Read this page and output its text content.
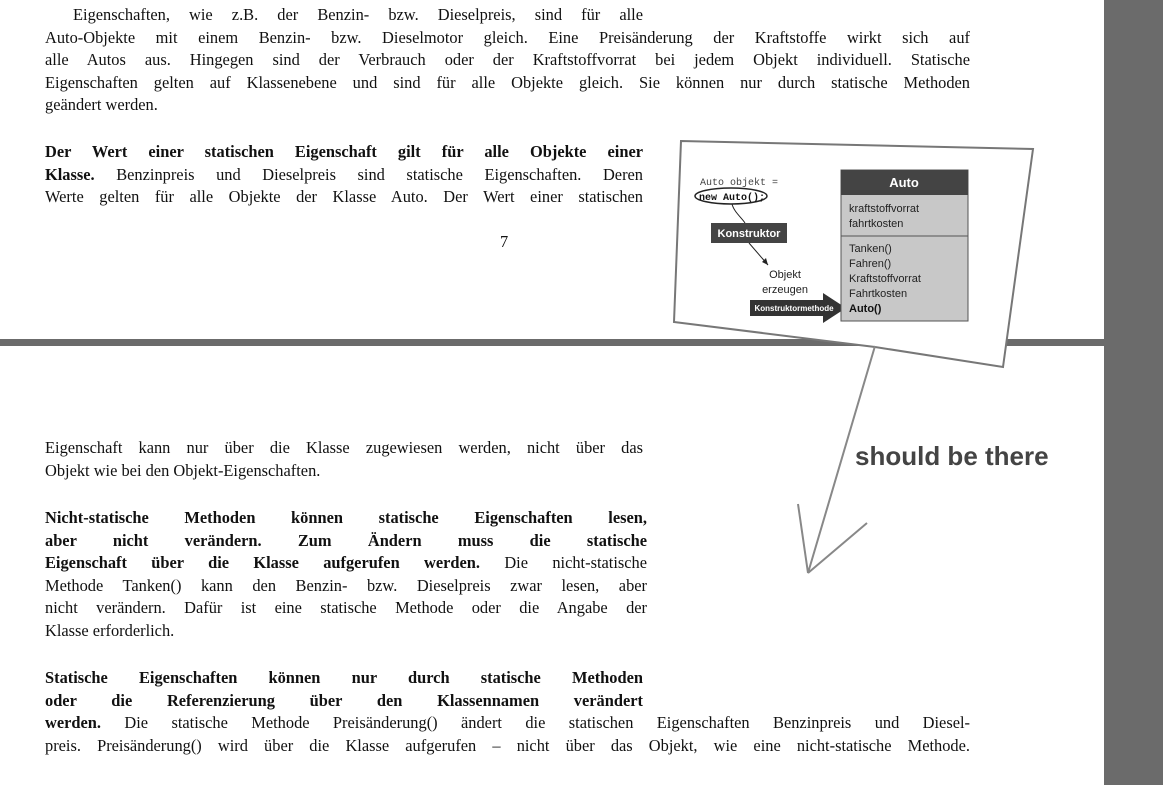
Eigenschaften, wie z.B. der Benzin- bzw. Dieselpreis, sind für alle
Auto-Objekte mit einem Benzin- bzw. Dieselmotor gleich. Eine Preisänderung der Kraftstoffe wirkt sich auf
alle Autos aus. Hingegen sind der Verbrauch oder der Kraftstoffvorrat bei jedem Objekt individuell. Statische
Eigenschaften gelten auf Klassenebene und sind für alle Objekte gleich. Sie können nur durch statische Methoden
geändert werden.
Der Wert einer statischen Eigenschaft gilt für alle Objekte einer
Klasse. Benzinpreis und Dieselpreis sind statische Eigenschaften. Deren
Werte gelten für alle Objekte der Klasse Auto. Der Wert einer statischen
7
Eigenschaft kann nur über die Klasse zugewiesen werden, nicht über das
Objekt wie bei den Objekt-Eigenschaften.
Nicht-statische Methoden können statische Eigenschaften lesen,
aber nicht verändern. Zum Ändern muss die statische
Eigenschaft über die Klasse aufgerufen werden. Die nicht-statische
Methode Tanken() kann den Benzin- bzw. Dieselpreis zwar lesen, aber
nicht verändern. Dafür ist eine statische Methode oder die Angabe der
Klasse erforderlich.
Statische Eigenschaften können nur durch statische Methoden
oder die Referenzierung über den Klassennamen verändert
werden. Die statische Methode Preisänderung() ändert die statischen Eigenschaften Benzinpreis und Diesel-
preis. Preisänderung() wird über die Klasse aufgerufen – nicht über das Objekt, wie eine nicht-statische Methode.
Auto objekt =
new Auto();
Konstruktor
Objekt
erzeugen
Konstruktormethode
Auto
kraftstoffvorrat
fahrtkosten
Tanken()
Fahren()
Kraftstoffvorrat
Fahrtkosten
Auto()
should be there
